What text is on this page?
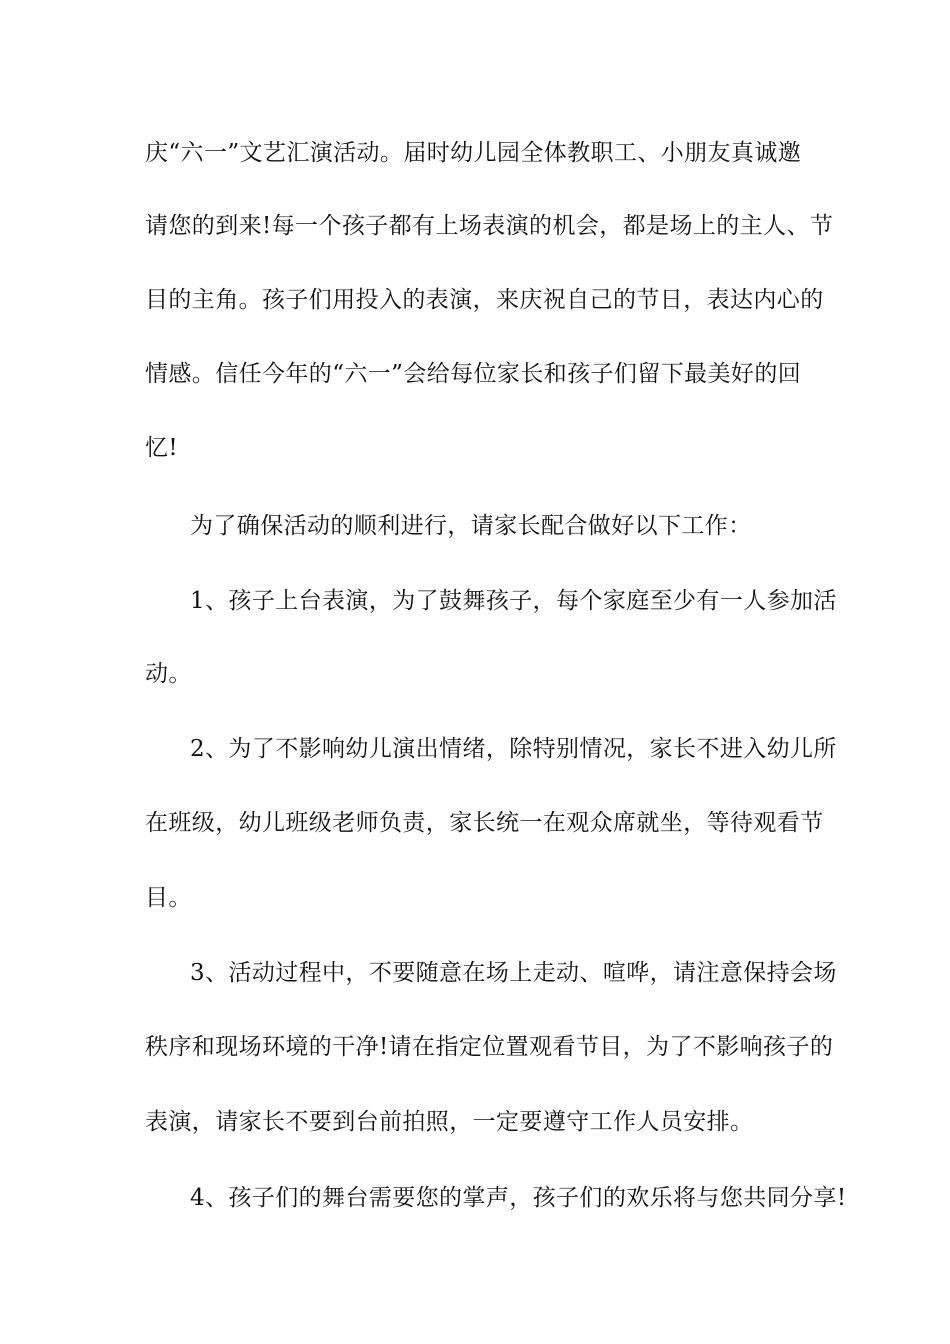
庆“六一”文艺汇演活动。届时幼儿园全体教职工、小朋友真诚邀
请您的到来!每一个孩子都有上场表演的机会，都是场上的主人、节
目的主角。孩子们用投入的表演，来庆祝自己的节日，表达内心的
情感。信任今年的“六一”会给每位家长和孩子们留下最美好的回
忆!
为了确保活动的顺利进行，请家长配合做好以下工作：
1、孩子上台表演，为了鼓舞孩子，每个家庭至少有一人参加活
动。
2、为了不影响幼儿演出情绪，除特别情况，家长不进入幼儿所
在班级，幼儿班级老师负责，家长统一在观众席就坐，等待观看节
目。
3、活动过程中，不要随意在场上走动、喧哗，请注意保持会场
秩序和现场环境的干净!请在指定位置观看节目，为了不影响孩子的
表演，请家长不要到台前拍照，一定要遵守工作人员安排。
4、孩子们的舞台需要您的掌声，孩子们的欢乐将与您共同分享!
